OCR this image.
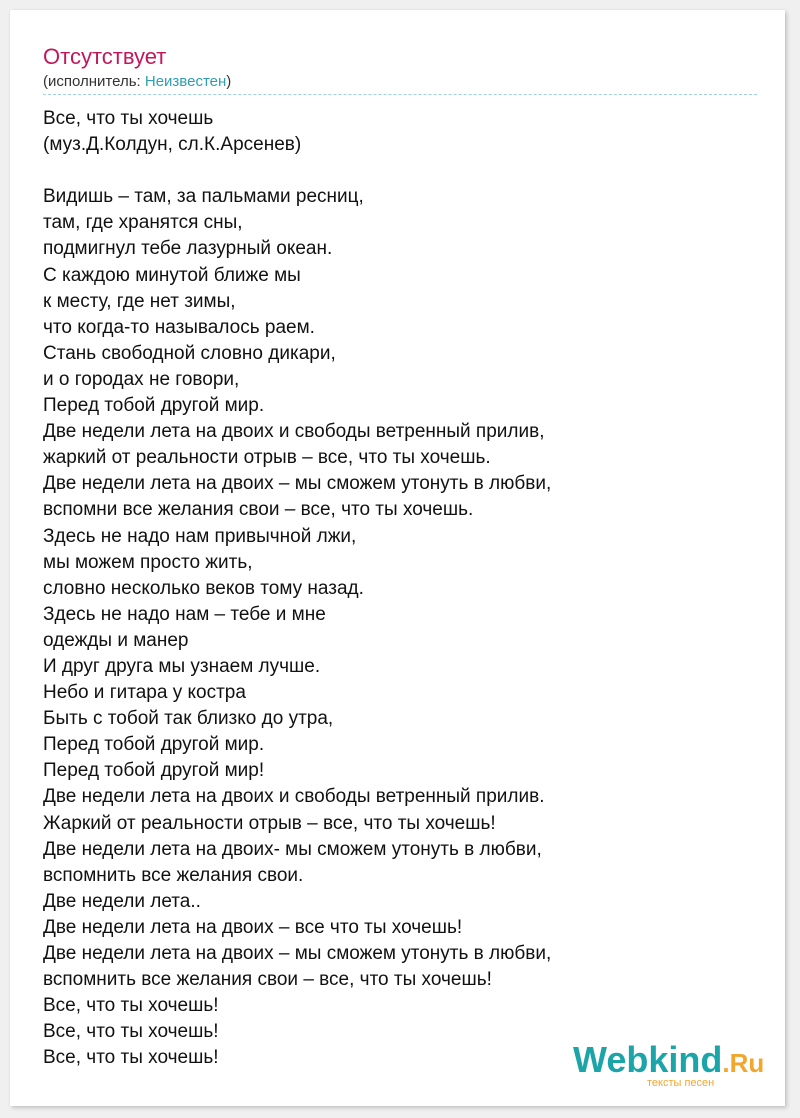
Отсутствует
(исполнитель: Неизвестен)
Все, что ты хочешь
(муз.Д.Колдун, сл.К.Арсенев)
Видишь – там, за пальмами ресниц,
там, где хранятся сны,
подмигнул тебе лазурный океан.
С каждою минутой ближе мы
к месту, где нет зимы,
что когда-то называлось раем.
Стань свободной словно дикари,
и о городах не говори,
Перед тобой другой мир.
Две недели лета на двоих и свободы ветренный прилив,
жаркий от реальности отрыв – все, что ты хочешь.
Две недели лета на двоих – мы сможем утонуть в любви,
вспомни все желания свои – все, что ты хочешь.
Здесь не надо нам привычной лжи,
мы можем просто жить,
словно несколько веков тому назад.
Здесь не надо нам – тебе и мне
одежды и манер
И друг друга мы узнаем лучше.
Небо и гитара у костра
Быть с тобой так близко до утра,
Перед тобой другой мир.
Перед тобой другой мир!
Две недели лета на двоих и свободы ветренный прилив.
Жаркий от реальности отрыв – все, что ты хочешь!
Две недели лета на двоих- мы сможем утонуть в любви,
вспомнить все желания свои.
Две недели лета..
Две недели лета на двоих – все что ты хочешь!
Две недели лета на двоих – мы сможем утонуть в любви,
вспомнить все желания свои – все, что ты хочешь!
Все, что ты хочешь!
Все, что ты хочешь!
Все, что ты хочешь!	Webkind.Ru
тексты песен
